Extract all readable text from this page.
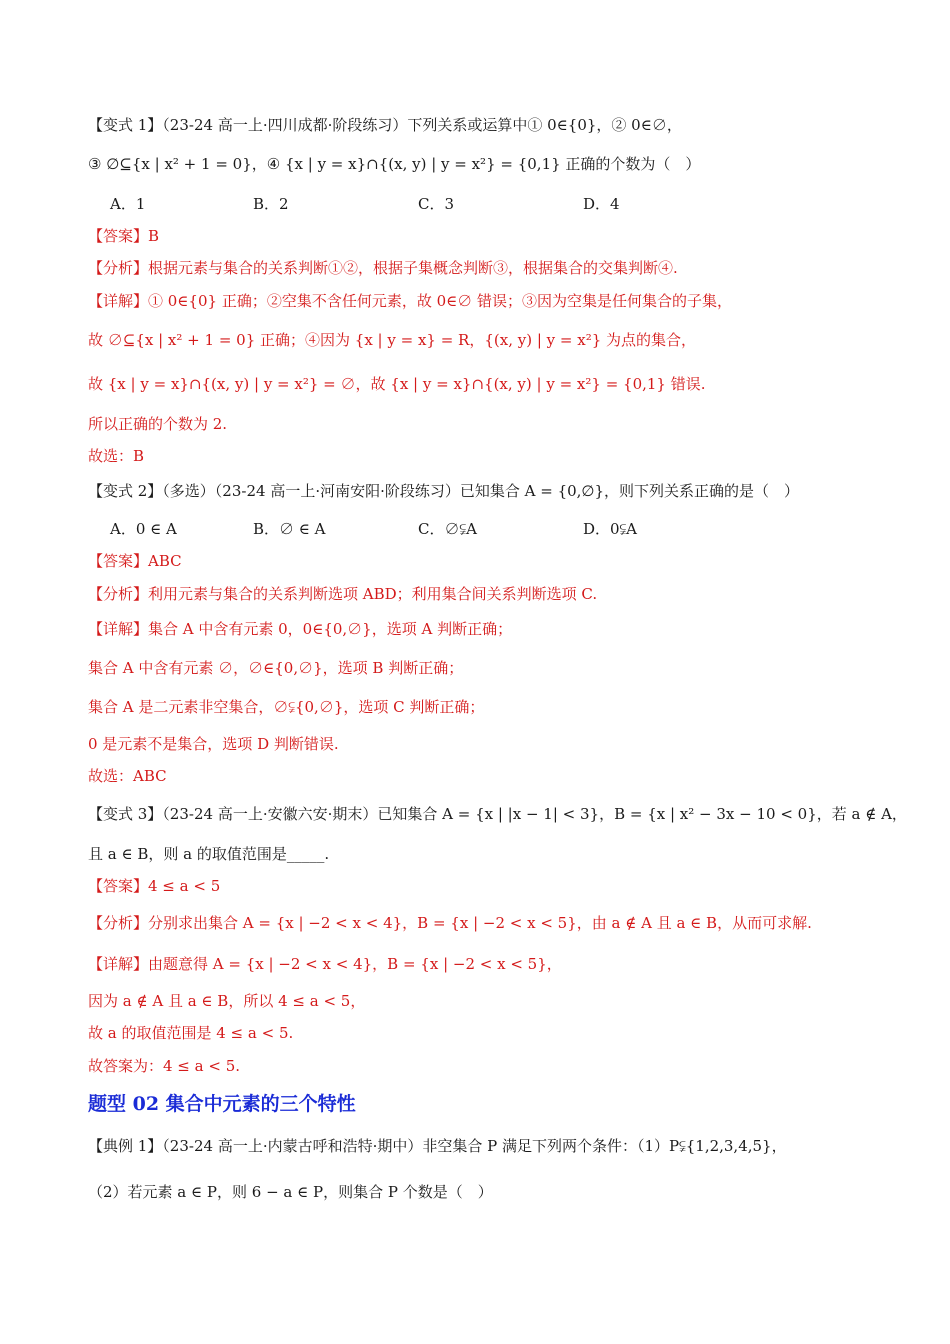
【变式 1】（23-24 高一上·四川成都·阶段练习）下列关系或运算中① 0∈{0}，② 0∈∅，
③ ∅⊆{x | x² + 1 = 0}，④ {x | y = x}∩{(x, y) | y = x²} = {0,1} 正确的个数为（　）
A．1	B．2	C．3	D．4
【答案】B
【分析】根据元素与集合的关系判断①②，根据子集概念判断③，根据集合的交集判断④.
【详解】① 0∈{0} 正确；②空集不含任何元素，故 0∈∅ 错误；③因为空集是任何集合的子集，
故 ∅⊆{x | x² + 1 = 0} 正确；④因为 {x | y = x} = R，{(x, y) | y = x²} 为点的集合，
故 {x | y = x}∩{(x, y) | y = x²} = ∅，故 {x | y = x}∩{(x, y) | y = x²} = {0,1} 错误.
所以正确的个数为 2.
故选：B
【变式 2】（多选）（23-24 高一上·河南安阳·阶段练习）已知集合 A = {0,∅}，则下列关系正确的是（　）
A．0 ∈ A	B．∅ ∈ A	C．∅⫋A	D．0⫋A
【答案】ABC
【分析】利用元素与集合的关系判断选项 ABD；利用集合间关系判断选项 C.
【详解】集合 A 中含有元素 0，0∈{0,∅}，选项 A 判断正确；
集合 A 中含有元素 ∅，∅∈{0,∅}，选项 B 判断正确；
集合 A 是二元素非空集合，∅⫋{0,∅}，选项 C 判断正确；
0 是元素不是集合，选项 D 判断错误.
故选：ABC
【变式 3】（23-24 高一上·安徽六安·期末）已知集合 A = {x | |x − 1| < 3}，B = {x | x² − 3x − 10 < 0}，若 a ∉ A，
且 a ∈ B，则 a 的取值范围是_____.
【答案】4 ≤ a < 5
【分析】分别求出集合 A = {x | −2 < x < 4}，B = {x | −2 < x < 5}，由 a ∉ A 且 a ∈ B，从而可求解.
【详解】由题意得 A = {x | −2 < x < 4}，B = {x | −2 < x < 5}，
因为 a ∉ A 且 a ∈ B，所以 4 ≤ a < 5，
故 a 的取值范围是 4 ≤ a < 5.
故答案为：4 ≤ a < 5.
题型 02 集合中元素的三个特性
【典例 1】（23-24 高一上·内蒙古呼和浩特·期中）非空集合 P 满足下列两个条件：（1）P⫋{1,2,3,4,5}，
（2）若元素 a ∈ P，则 6 − a ∈ P，则集合 P 个数是（　）
